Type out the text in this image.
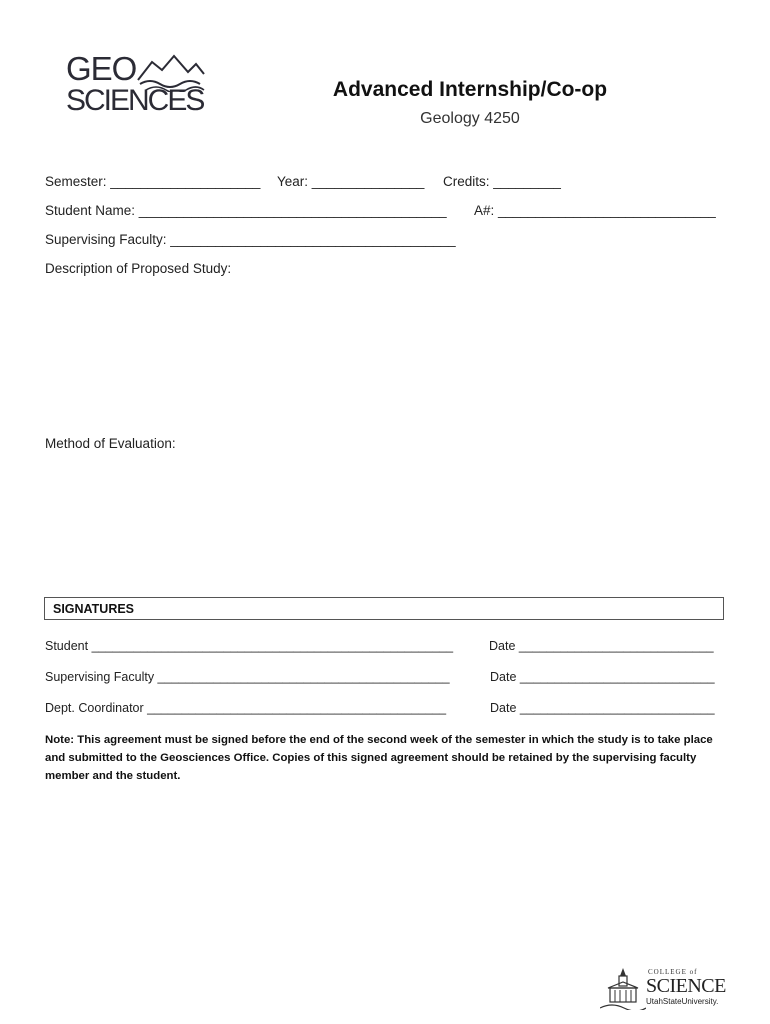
GEO
SCIENCES	Advanced Internship/Co-op
Geology 4250
Semester: ____________________ Year: _______________ Credits: _________
Student Name: _________________________________________ A#: _____________________________
Supervising Faculty: ______________________________________
Description of Proposed Study:
Method of Evaluation:
SIGNATURES
Student ____________________________________________________	Date ____________________________
Supervising Faculty __________________________________________	Date ____________________________
Dept. Coordinator ___________________________________________	Date ____________________________
Note: This agreement must be signed before the end of the second week of the semester in which the study is to take place and submitted to the Geosciences Office. Copies of this signed agreement should be retained by the supervising faculty member and the student.
COLLEGE of
SCIENCE
UtahStateUniversity.
